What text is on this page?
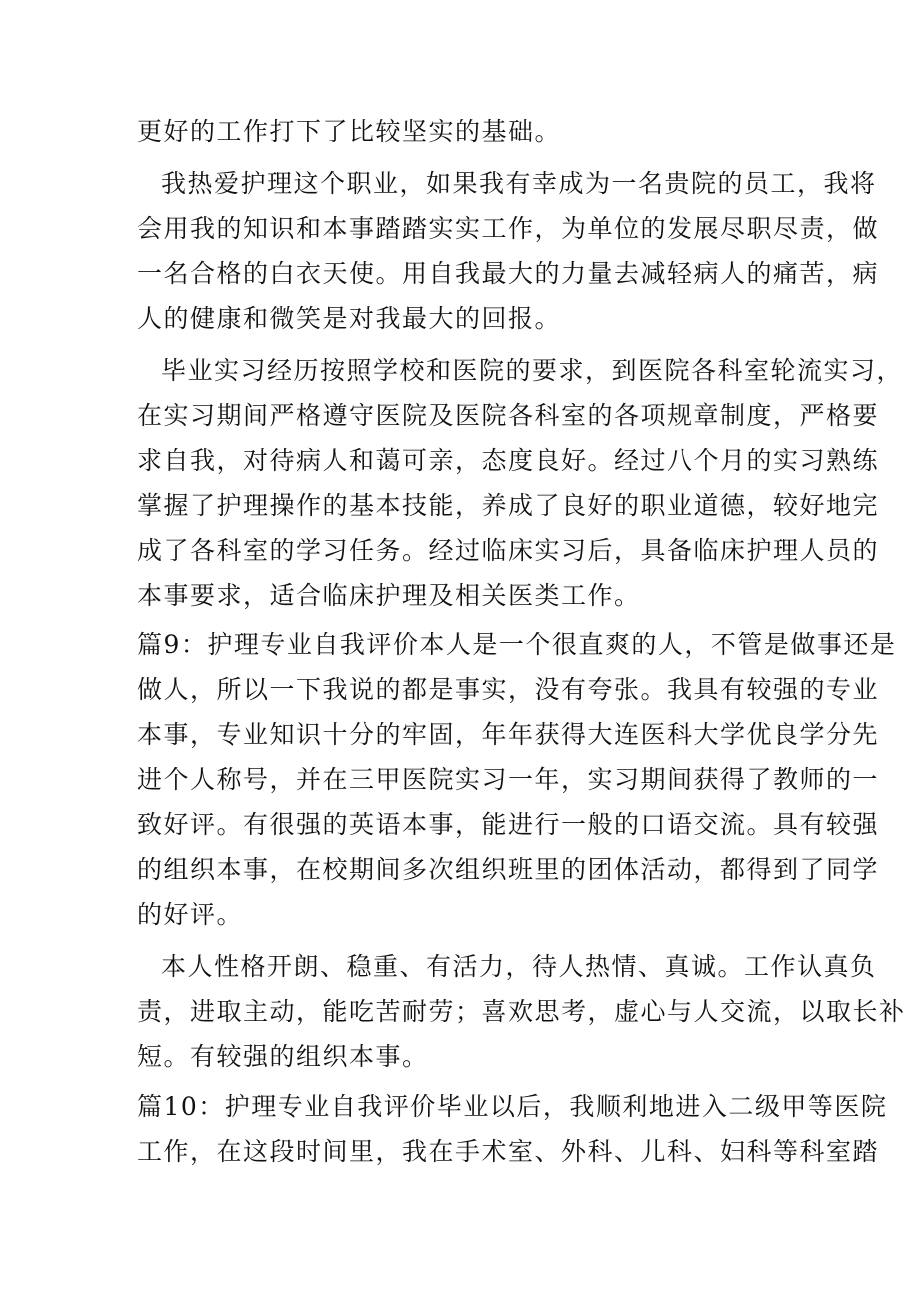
更好的工作打下了比较坚实的基础。
我热爱护理这个职业，如果我有幸成为一名贵院的员工，我将
会用我的知识和本事踏踏实实工作，为单位的发展尽职尽责，做
一名合格的白衣天使。用自我最大的力量去减轻病人的痛苦，病
人的健康和微笑是对我最大的回报。
毕业实习经历按照学校和医院的要求，到医院各科室轮流实习，
在实习期间严格遵守医院及医院各科室的各项规章制度，严格要
求自我，对待病人和蔼可亲，态度良好。经过八个月的实习熟练
掌握了护理操作的基本技能，养成了良好的职业道德，较好地完
成了各科室的学习任务。经过临床实习后，具备临床护理人员的
本事要求，适合临床护理及相关医类工作。
篇9：护理专业自我评价本人是一个很直爽的人，不管是做事还是
做人，所以一下我说的都是事实，没有夸张。我具有较强的专业
本事，专业知识十分的牢固，年年获得大连医科大学优良学分先
进个人称号，并在三甲医院实习一年，实习期间获得了教师的一
致好评。有很强的英语本事，能进行一般的口语交流。具有较强
的组织本事，在校期间多次组织班里的团体活动，都得到了同学
的好评。
本人性格开朗、稳重、有活力，待人热情、真诚。工作认真负
责，进取主动，能吃苦耐劳；喜欢思考，虚心与人交流，以取长补
短。有较强的组织本事。
篇10：护理专业自我评价毕业以后，我顺利地进入二级甲等医院
工作，在这段时间里，我在手术室、外科、儿科、妇科等科室踏
